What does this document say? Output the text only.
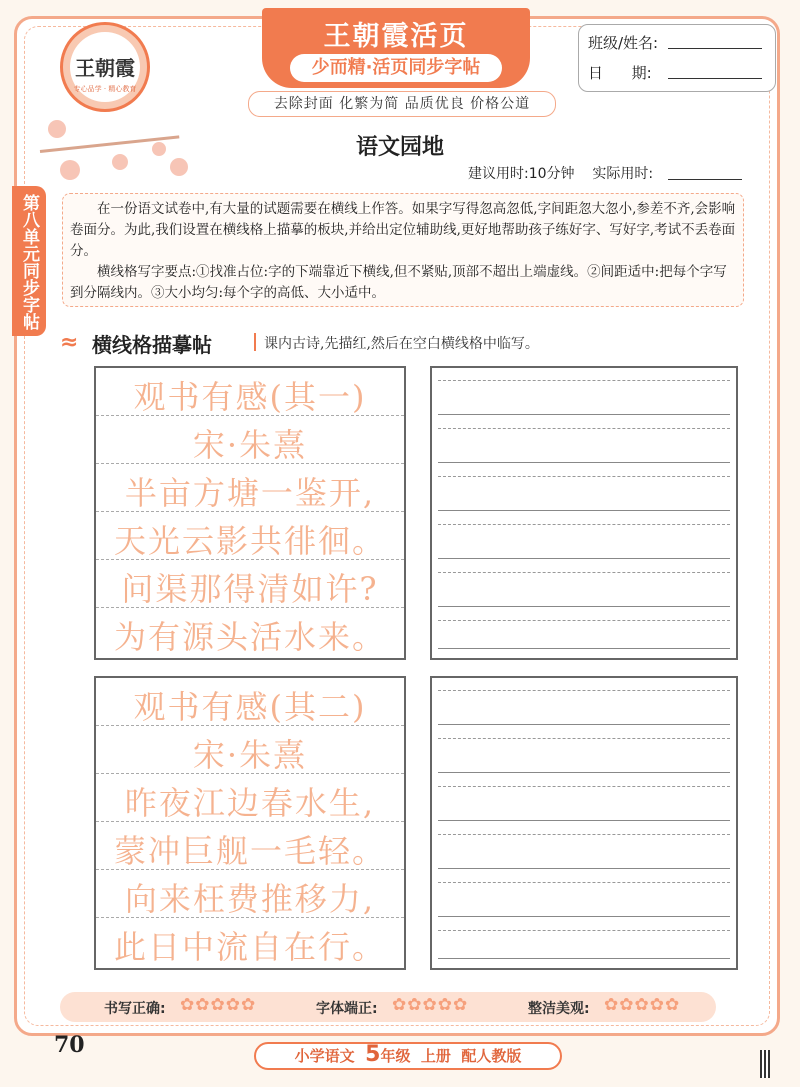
王朝霞
专心品学 · 精心教育
王朝霞活页
少而精·活页同步字帖
去除封面 化繁为简 品质优良 价格公道
班级/姓名:
日      期:
语文园地
建议用时:10分钟    实际用时:
第八单元同步字帖	在一份语文试卷中,有大量的试题需要在横线上作答。如果字写得忽高忽低,字间距忽大忽小,参差不齐,会影响卷面分。为此,我们设置在横线格上描摹的板块,并给出定位辅助线,更好地帮助孩子练好字、写好字,考试不丢卷面分。

横线格写字要点:①找准占位:字的下端靠近下横线,但不紧贴,顶部不超出上端虚线。②间距适中:把每个字写到分隔线内。③大小均匀:每个字的高低、大小适中。

≈ 横线格描摹帖	课内古诗,先描红,然后在空白横线格中临写。
观书有感(其一)
宋·朱熹
半亩方塘一鉴开,
天光云影共徘徊。
问渠那得清如许?
为有源头活水来。
观书有感(其二)
宋·朱熹
昨夜江边春水生,
蒙冲巨舰一毛轻。
向来枉费推移力,
此日中流自在行。
书写正确: ✿✿✿✿✿	字体端正: ✿✿✿✿✿	整洁美观: ✿✿✿✿✿
70	小学语文 5年级  上册  配人教版
